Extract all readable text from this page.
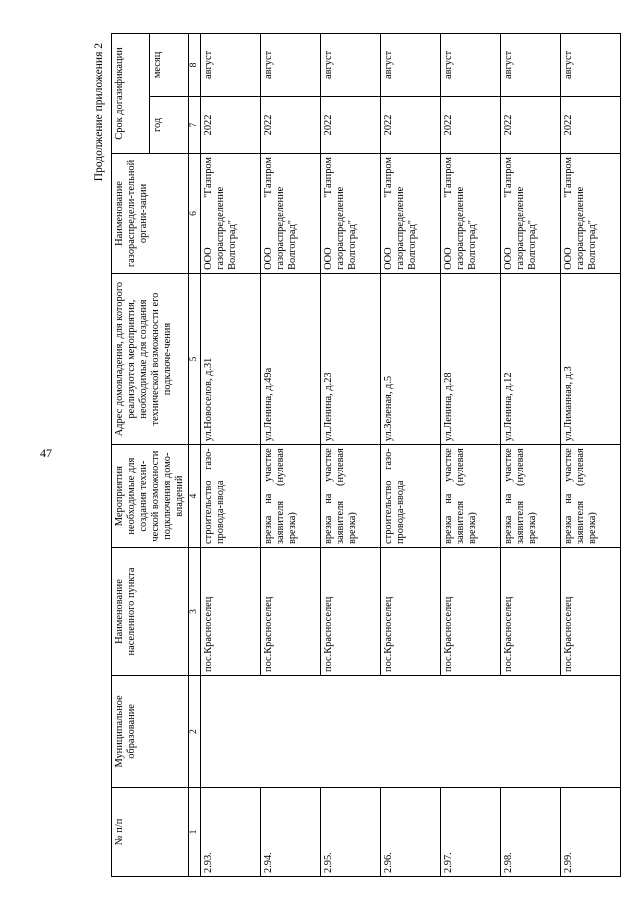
47
Продолжение приложения 2
№ п/п	Муниципальное образование	Наименование населенного пункта	Мероприятия необходимые для создания техни-ческой возможности подключения домо-владений	Адрес домовладения, для которого реализуются мероприятия, необходимые для создания технической возможности его подключе-чения	Наименование газораспредели-тельной органи-зации	Срок догазификации	
						год	месяц
1	2	3	4	5	6	7	8
2.93.		пос.Красноселец	строительство газо-провода-ввода	ул.Новоселов, д.31	ООО "Газпром газораспределение Волгоград"	2022	август
2.94.		пос.Красноселец	врезка на участке заявителя (нулевая врезка)	ул.Ленина, д.49а	ООО "Газпром газораспределение Волгоград"	2022	август
2.95.		пос.Красноселец	врезка на участке заявителя (нулевая врезка)	ул.Ленина, д.23	ООО "Газпром газораспределение Волгоград"	2022	август
2.96.		пос.Красноселец	строительство газо-провода-ввода	ул.Зеленая, д.5	ООО "Газпром газораспределение Волгоград"	2022	август
2.97.		пос.Красноселец	врезка на участке заявителя (нулевая врезка)	ул.Ленина, д.28	ООО "Газпром газораспределение Волгоград"	2022	август
2.98.		пос.Красноселец	врезка на участке заявителя (нулевая врезка)	ул.Ленина, д.12	ООО "Газпром газораспределение Волгоград"	2022	август
2.99.		пос.Красноселец	врезка на участке заявителя (нулевая врезка)	ул.Лиманная, д.3	ООО "Газпром газораспределение Волгоград"	2022	август
